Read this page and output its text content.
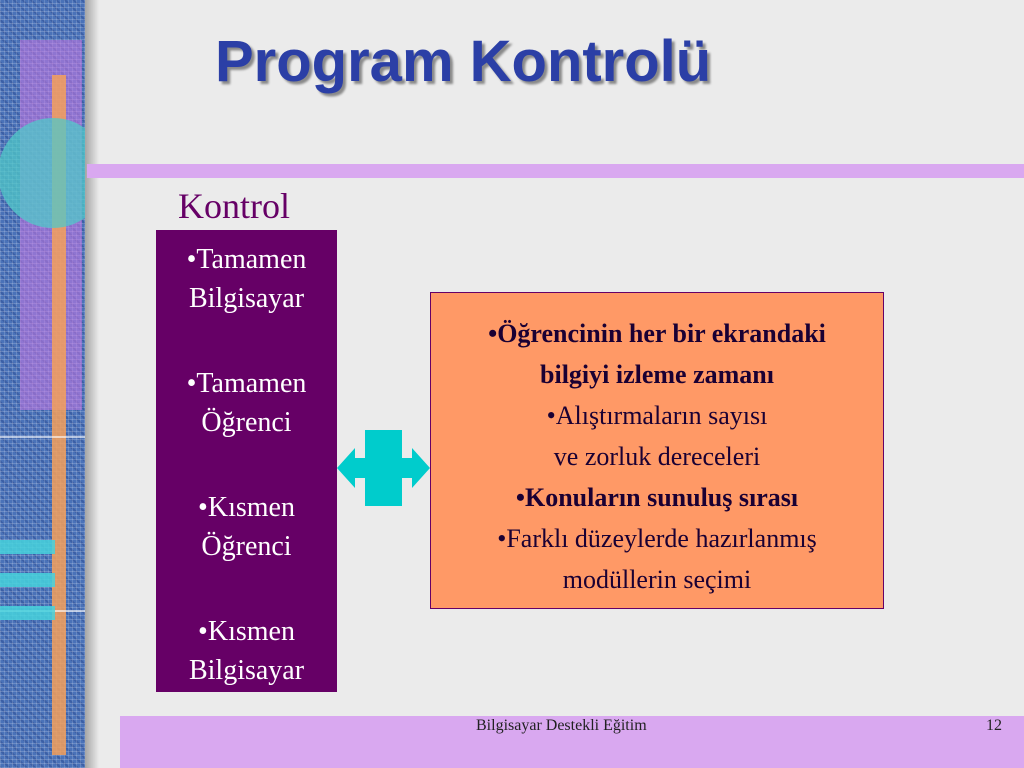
Program Kontrolü
Kontrol
•Tamamen
Bilgisayar
•Tamamen
Öğrenci
•Kısmen
Öğrenci
•Kısmen
Bilgisayar
•Öğrencinin her bir ekrandaki
bilgiyi izleme zamanı
•Alıştırmaların sayısı
ve zorluk dereceleri
•Konuların sunuluş sırası
•Farklı düzeylerde hazırlanmış
modüllerin seçimi
Bilgisayar Destekli Eğitim	12
